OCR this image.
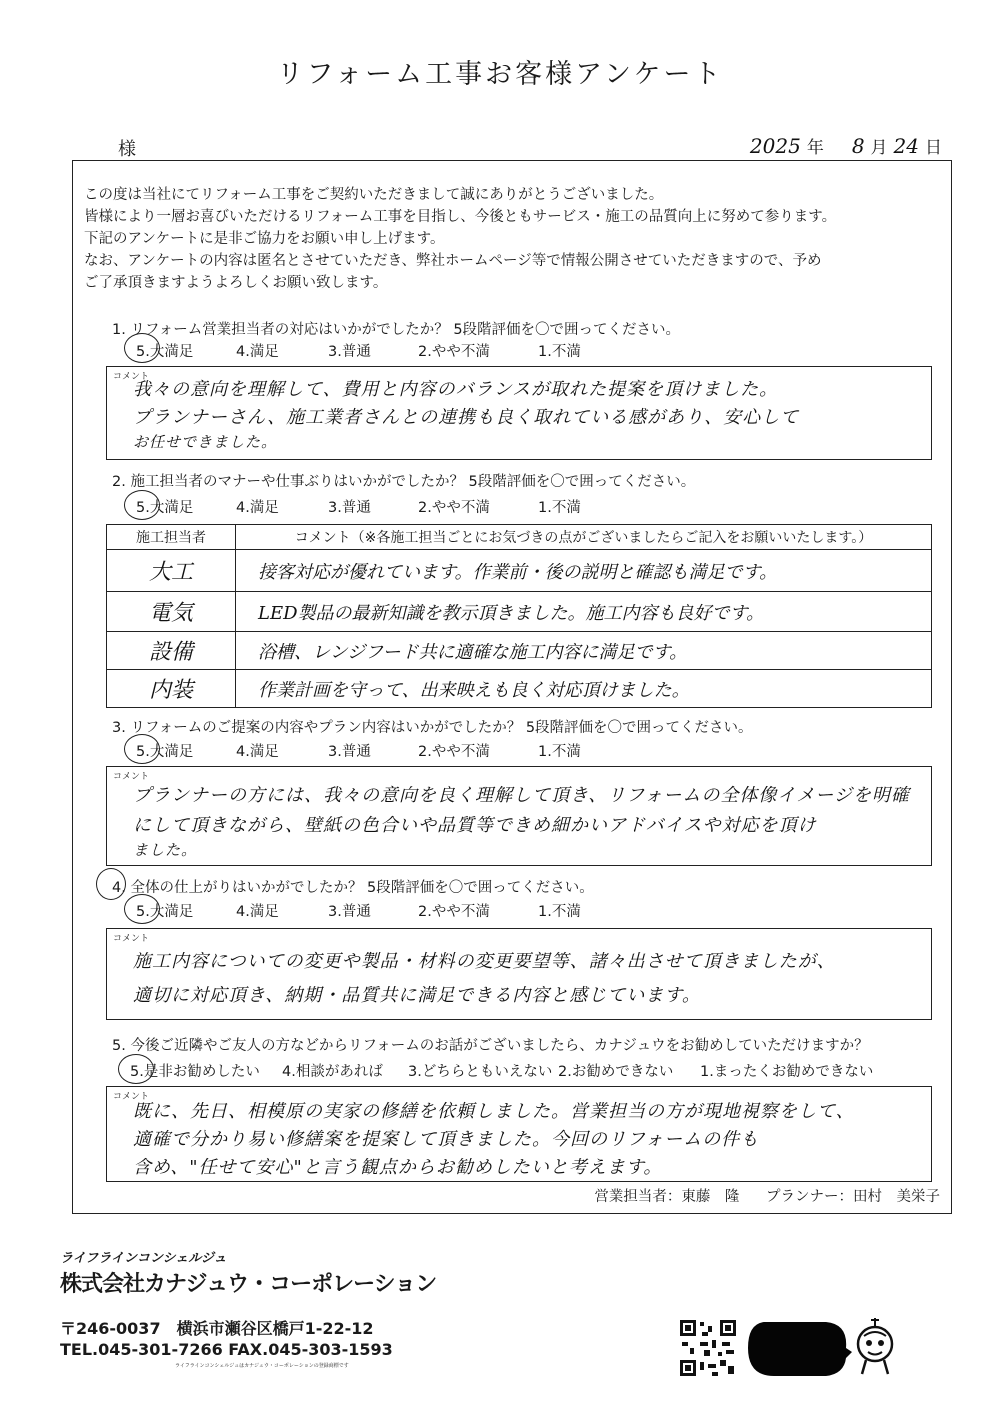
リフォーム工事お客様アンケート
様	2025 年 8 月 24 日
この度は当社にてリフォーム工事をご契約いただきまして誠にありがとうございました。
皆様により一層お喜びいただけるリフォーム工事を目指し、今後ともサービス・施工の品質向上に努めて参ります。
下記のアンケートに是非ご協力をお願い申し上げます。
なお、アンケートの内容は匿名とさせていただき、弊社ホームページ等で情報公開させていただきますので、予め
ご了承頂きますようよろしくお願い致します。
1. リフォーム営業担当者の対応はいかがでしたか？ 5段階評価を〇で囲ってください。
5.大満足	4.満足	3.普通	2.やや不満	1.不満
コメント
我々の意向を理解して、費用と内容のバランスが取れた提案を頂けました。
プランナーさん、施工業者さんとの連携も良く取れている感があり、安心して
お任せできました。
2. 施工担当者のマナーや仕事ぶりはいかがでしたか？ 5段階評価を〇で囲ってください。
5.大満足	4.満足	3.普通	2.やや不満	1.不満
施工担当者	コメント（※各施工担当ごとにお気づきの点がございましたらご記入をお願いいたします。）
大工	接客対応が優れています。作業前・後の説明と確認も満足です。
電気	LED製品の最新知識を教示頂きました。施工内容も良好です。
設備	浴槽、レンジフード共に適確な施工内容に満足です。
内装	作業計画を守って、出来映えも良く対応頂けました。
3. リフォームのご提案の内容やプラン内容はいかがでしたか？ 5段階評価を〇で囲ってください。
5.大満足	4.満足	3.普通	2.やや不満	1.不満
コメント
プランナーの方には、我々の意向を良く理解して頂き、リフォームの全体像イメージを明確
にして頂きながら、壁紙の色合いや品質等できめ細かいアドバイスや対応を頂け
ました。
4. 全体の仕上がりはいかがでしたか？ 5段階評価を〇で囲ってください。
5.大満足	4.満足	3.普通	2.やや不満	1.不満
コメント
施工内容についての変更や製品・材料の変更要望等、諸々出させて頂きましたが、
適切に対応頂き、納期・品質共に満足できる内容と感じています。
5. 今後ご近隣やご友人の方などからリフォームのお話がございましたら、カナジュウをお勧めしていただけますか？
5.是非お勧めしたい	4.相談があれば	3.どちらともいえない 2.お勧めできない	1.まったくお勧めできない
コメント
既に、先日、相模原の実家の修繕を依頼しました。営業担当の方が現地視察をして、
適確で分かり易い修繕案を提案して頂きました。今回のリフォームの件も
含め、"任せて安心"と言う観点からお勧めしたいと考えます。
営業担当者：東藤　隆 プランナー：田村　美栄子
ライフラインコンシェルジュ
株式会社カナジュウ・コーポレーション
〒246-0037　横浜市瀬谷区橋戸1-22-12
TEL.045-301-7266 FAX.045-303-1593
ライフラインコンシェルジュはカナジュウ・コーポレーションの登録商標です
